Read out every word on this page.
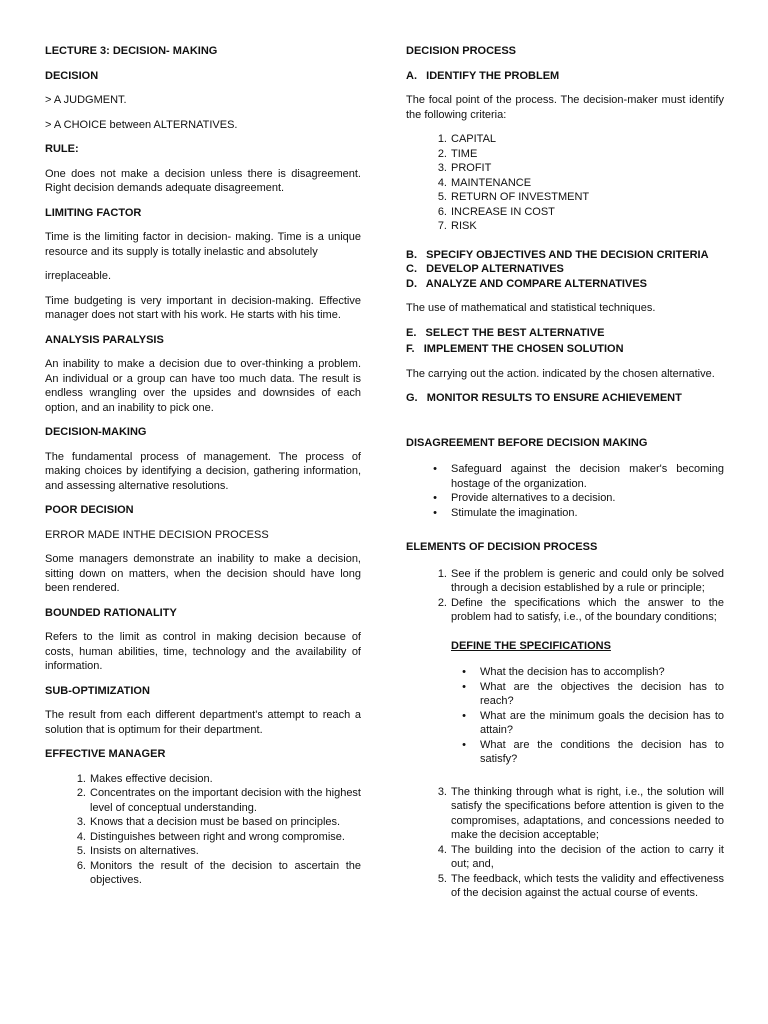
LECTURE 3: DECISION- MAKING
DECISION

> A JUDGMENT.

> A CHOICE between ALTERNATIVES.

RULE:

One does not make a decision unless there is disagreement. Right decision demands adequate disagreement.

LIMITING FACTOR

Time is the limiting factor in decision- making. Time is a unique resource and its supply is totally inelastic and absolutely

irreplaceable.

Time budgeting is very important in decision-making. Effective manager does not start with his work. He starts with his time.

ANALYSIS PARALYSIS

An inability to make a decision due to over-thinking a problem. An individual or a group can have too much data. The result is endless wrangling over the upsides and downsides of each option, and an inability to pick one.

DECISION-MAKING

The fundamental process of management. The process of making choices by identifying a decision, gathering information, and assessing alternative resolutions.

POOR DECISION

ERROR MADE INTHE DECISION PROCESS

Some managers demonstrate an inability to make a decision, sitting down on matters, when the decision should have long been rendered.

BOUNDED RATIONALITY

Refers to the limit as control in making decision because of costs, human abilities, time, technology and the availability of information.

SUB-OPTIMIZATION

The result from each different department's attempt to reach a solution that is optimum for their department.

EFFECTIVE MANAGER
1. Makes effective decision.
2. Concentrates on the important decision with the highest level of conceptual understanding.
3. Knows that a decision must be based on principles.
4. Distinguishes between right and wrong compromise.
5. Insists on alternatives.
6. Monitors the result of the decision to ascertain the objectives.
DECISION PROCESS
A.   IDENTIFY THE PROBLEM

The focal point of the process. The decision-maker must identify the following criteria:

1. CAPITAL
2. TIME
3. PROFIT
4. MAINTENANCE
5. RETURN OF INVESTMENT
6. INCREASE IN COST
7. RISK
B.   SPECIFY OBJECTIVES AND THE DECISION CRITERIA
C.   DEVELOP ALTERNATIVES
D.   ANALYZE AND COMPARE ALTERNATIVES

The use of mathematical and statistical techniques.

E.   SELECT THE BEST ALTERNATIVE
F.   IMPLEMENT THE CHOSEN SOLUTION

The carrying out the action. indicated by the chosen alternative.

G.   MONITOR RESULTS TO ENSURE ACHIEVEMENT
DISAGREEMENT BEFORE DECISION MAKING
•	Safeguard against the decision maker's becoming hostage of the organization.
•	Provide alternatives to a decision.
•	Stimulate the imagination.
ELEMENTS OF DECISION PROCESS
1. See if the problem is generic and could only be solved through a decision established by a rule or principle;
2. Define the specifications which the answer to the problem had to satisfy, i.e., of the boundary conditions;
DEFINE THE SPECIFICATIONS
•	What the decision has to accomplish?
•	What are the objectives the decision has to reach?
•	What are the minimum goals the decision has to attain?
•	What are the conditions the decision has to satisfy?
3. The thinking through what is right, i.e., the solution will satisfy the specifications before attention is given to the compromises, adaptations, and concessions needed to make the decision acceptable;
4. The building into the decision of the action to carry it out; and,
5. The feedback, which tests the validity and effectiveness of the decision against the actual course of events.
